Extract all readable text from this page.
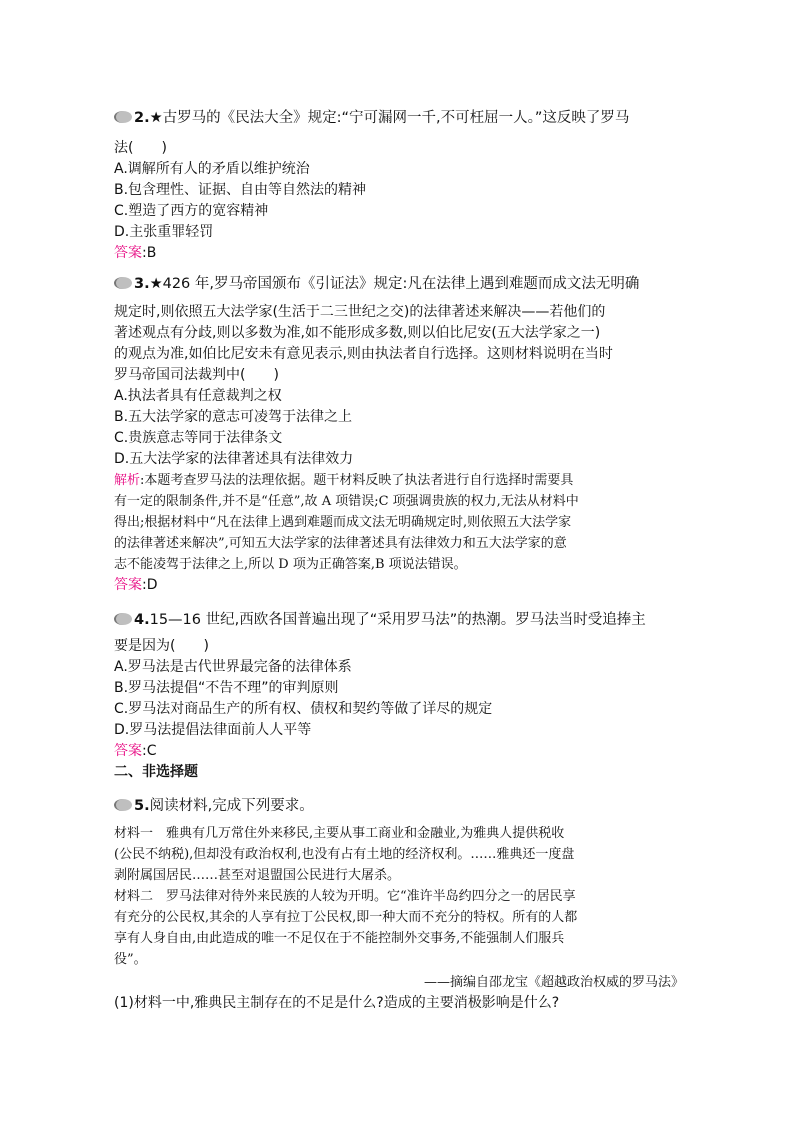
2.★古罗马的《民法大全》规定:“宁可漏网一千,不可枉屈一人。”这反映了罗马
法(　　)
A.调解所有人的矛盾以维护统治
B.包含理性、证据、自由等自然法的精神
C.塑造了西方的宽容精神
D.主张重罪轻罚
答案:B
3.★426 年,罗马帝国颁布《引证法》规定:凡在法律上遇到难题而成文法无明确
规定时,则依照五大法学家(生活于二三世纪之交)的法律著述来解决——若他们的
著述观点有分歧,则以多数为准,如不能形成多数,则以伯比尼安(五大法学家之一)
的观点为准,如伯比尼安未有意见表示,则由执法者自行选择。这则材料说明在当时
罗马帝国司法裁判中(　　)
A.执法者具有任意裁判之权
B.五大法学家的意志可凌驾于法律之上
C.贵族意志等同于法律条文
D.五大法学家的法律著述具有法律效力
解析:本题考查罗马法的法理依据。题干材料反映了执法者进行自行选择时需要具
有一定的限制条件,并不是“任意”,故 A 项错误;C 项强调贵族的权力,无法从材料中
得出;根据材料中“凡在法律上遇到难题而成文法无明确规定时,则依照五大法学家
的法律著述来解决”,可知五大法学家的法律著述具有法律效力和五大法学家的意
志不能凌驾于法律之上,所以 D 项为正确答案,B 项说法错误。
答案:D
4.15—16 世纪,西欧各国普遍出现了“采用罗马法”的热潮。罗马法当时受追捧主
要是因为(　　)
A.罗马法是古代世界最完备的法律体系
B.罗马法提倡“不告不理”的审判原则
C.罗马法对商品生产的所有权、债权和契约等做了详尽的规定
D.罗马法提倡法律面前人人平等
答案:C
二、非选择题
5.阅读材料,完成下列要求。
材料一　雅典有几万常住外来移民,主要从事工商业和金融业,为雅典人提供税收
(公民不纳税),但却没有政治权利,也没有占有土地的经济权利。……雅典还一度盘
剥附属国居民……甚至对退盟国公民进行大屠杀。
材料二　罗马法律对待外来民族的人较为开明。它“准许半岛约四分之一的居民享
有充分的公民权,其余的人享有拉丁公民权,即一种大而不充分的特权。所有的人都
享有人身自由,由此造成的唯一不足仅在于不能控制外交事务,不能强制人们服兵
役”。
——摘编自邵龙宝《超越政治权威的罗马法》
(1)材料一中,雅典民主制存在的不足是什么?造成的主要消极影响是什么?
